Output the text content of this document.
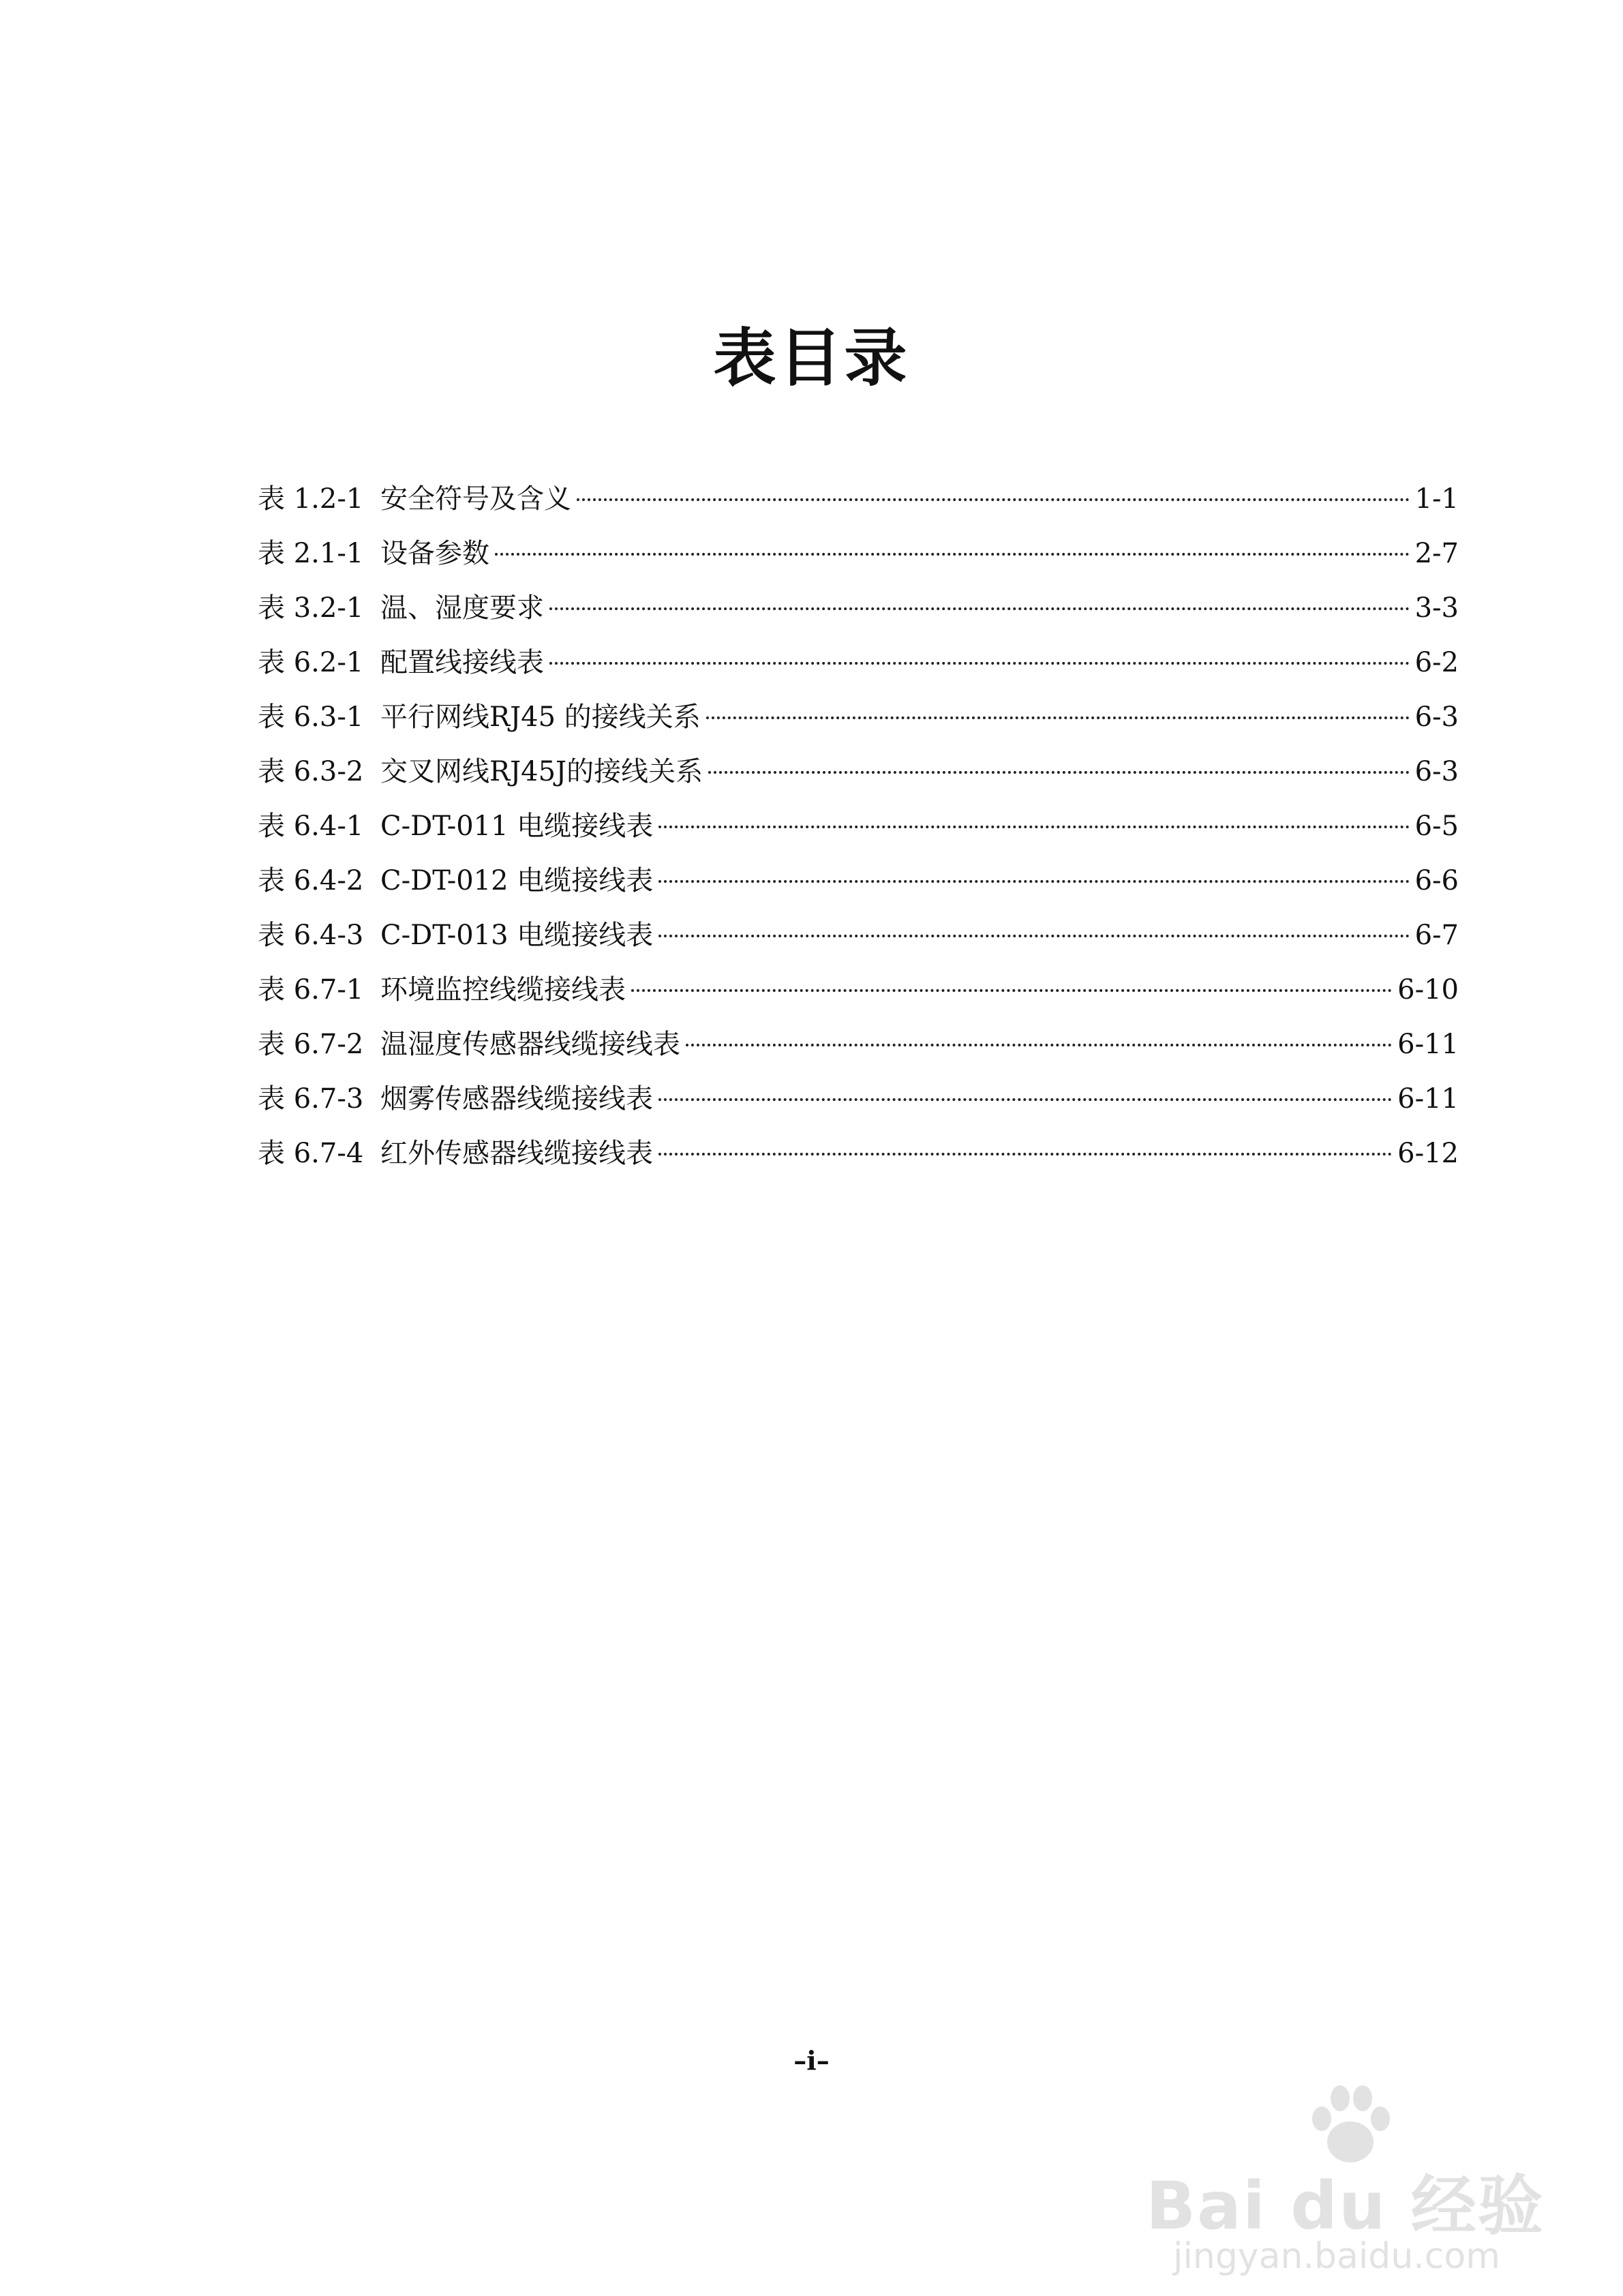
表目录
表 1.2-1 安全符号及含义	1-1
表 2.1-1 设备参数	2-7
表 3.2-1 温、湿度要求	3-3
表 6.2-1 配置线接线表	6-2
表 6.3-1 平行网线RJ45 的接线关系	6-3
表 6.3-2 交叉网线RJ45J的接线关系	6-3
表 6.4-1 C-DT-011 电缆接线表	6-5
表 6.4-2 C-DT-012 电缆接线表	6-6
表 6.4-3 C-DT-013 电缆接线表	6-7
表 6.7-1 环境监控线缆接线表	6-10
表 6.7-2 温湿度传感器线缆接线表	6-11
表 6.7-3 烟雾传感器线缆接线表	6-11
表 6.7-4 红外传感器线缆接线表	6-12
–i–
Bai du 经验
jingyan.baidu.com
